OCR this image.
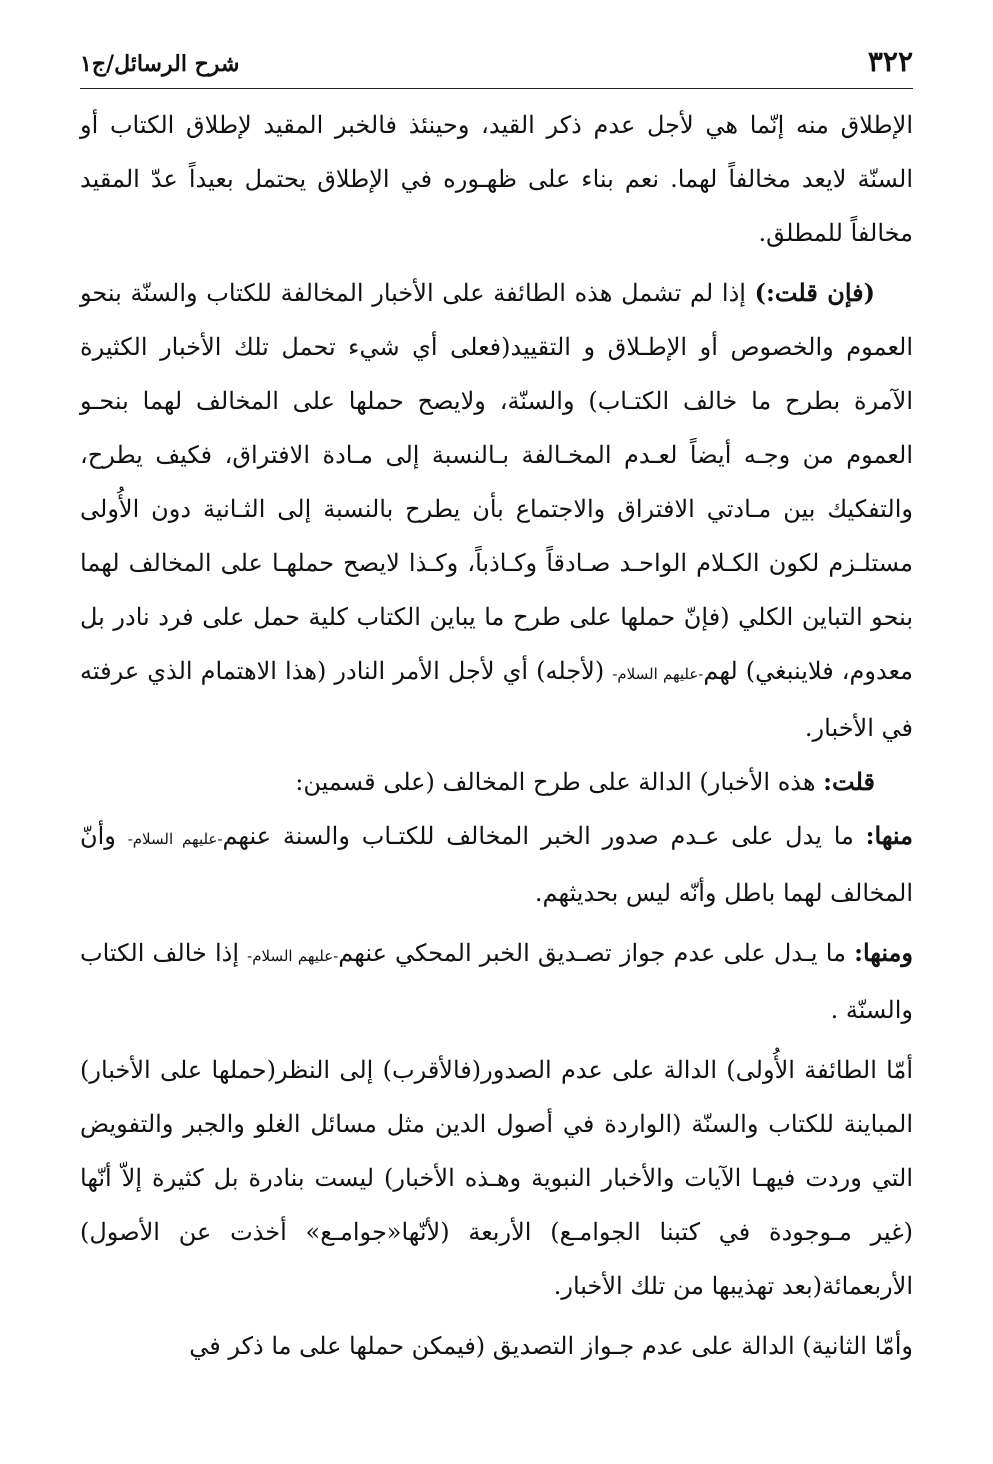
٣٢٢
شرح الرسائل/ج١

الإطلاق منه إنّما هي لأجل عدم ذكر القيد، وحينئذ فالخبر المقيد لإطلاق الكتاب أو السنّة لايعد مخالفاً لهما. نعم بناء على ظهـوره في الإطلاق يحتمل بعيداً عدّ المقيد مخالفاً للمطلق.

(فإن قلت:) إذا لم تشمل هذه الطائفة على الأخبار المخالفة للكتاب والسنّة بنحو العموم والخصوص أو الإطـلاق و التقييد(فعلى أي شيء تحمل تلك الأخبار الكثيرة الآمرة بطرح ما خالف الكتـاب) والسنّة، ولايصح حملها على المخالف لهما بنحـو العموم من وجـه أيضاً لعـدم المخـالفة بـالنسبة إلى مـادة الافتراق، فكيف يطرح، والتفكيك بين مـادتي الافتراق والاجتماع بأن يطرح بالنسبة إلى الثـانية دون الأُولى مستلـزم لكون الكـلام الواحـد صـادقاً وكـاذباً، وكـذا لايصح حملهـا على المخالف لهما بنحو التباين الكلي (فإنّ حملها على طرح ما يباين الكتاب كلية حمل على فرد نادر بل معدوم، فلاينبغي) لهم-عليهم السلام- (لأجله) أي لأجل الأمر النادر (هذا الاهتمام الذي عرفته في الأخبار.

قلت: هذه الأخبار) الدالة على طرح المخالف (على قسمين:

منها: ما يدل على عـدم صدور الخبر المخالف للكتـاب والسنة عنهم-عليهم السلام- وأنّ المخالف لهما باطل وأنّه ليس بحديثهم.

ومنها: ما يـدل على عدم جواز تصـديق الخبر المحكي عنهم-عليهم السلام- إذا خالف الكتاب والسنّة .

أمّا الطائفة الأُولى) الدالة على عدم الصدور(فالأقرب) إلى النظر(حملها على الأخبار) المباينة للكتاب والسنّة (الواردة في أصول الدين مثل مسائل الغلو والجبر والتفويض التي وردت فيهـا الآيات والأخبار النبوية وهـذه الأخبار) ليست بنادرة بل كثيرة إلاّ أنّها (غير مـوجودة في كتبنا الجوامـع) الأربعة (لأنّها«جوامـع» أخذت عن الأصول) الأربعمائة(بعد تهذيبها من تلك الأخبار.

وأمّا الثانية) الدالة على عدم جـواز التصديق (فيمكن حملها على ما ذكر في
